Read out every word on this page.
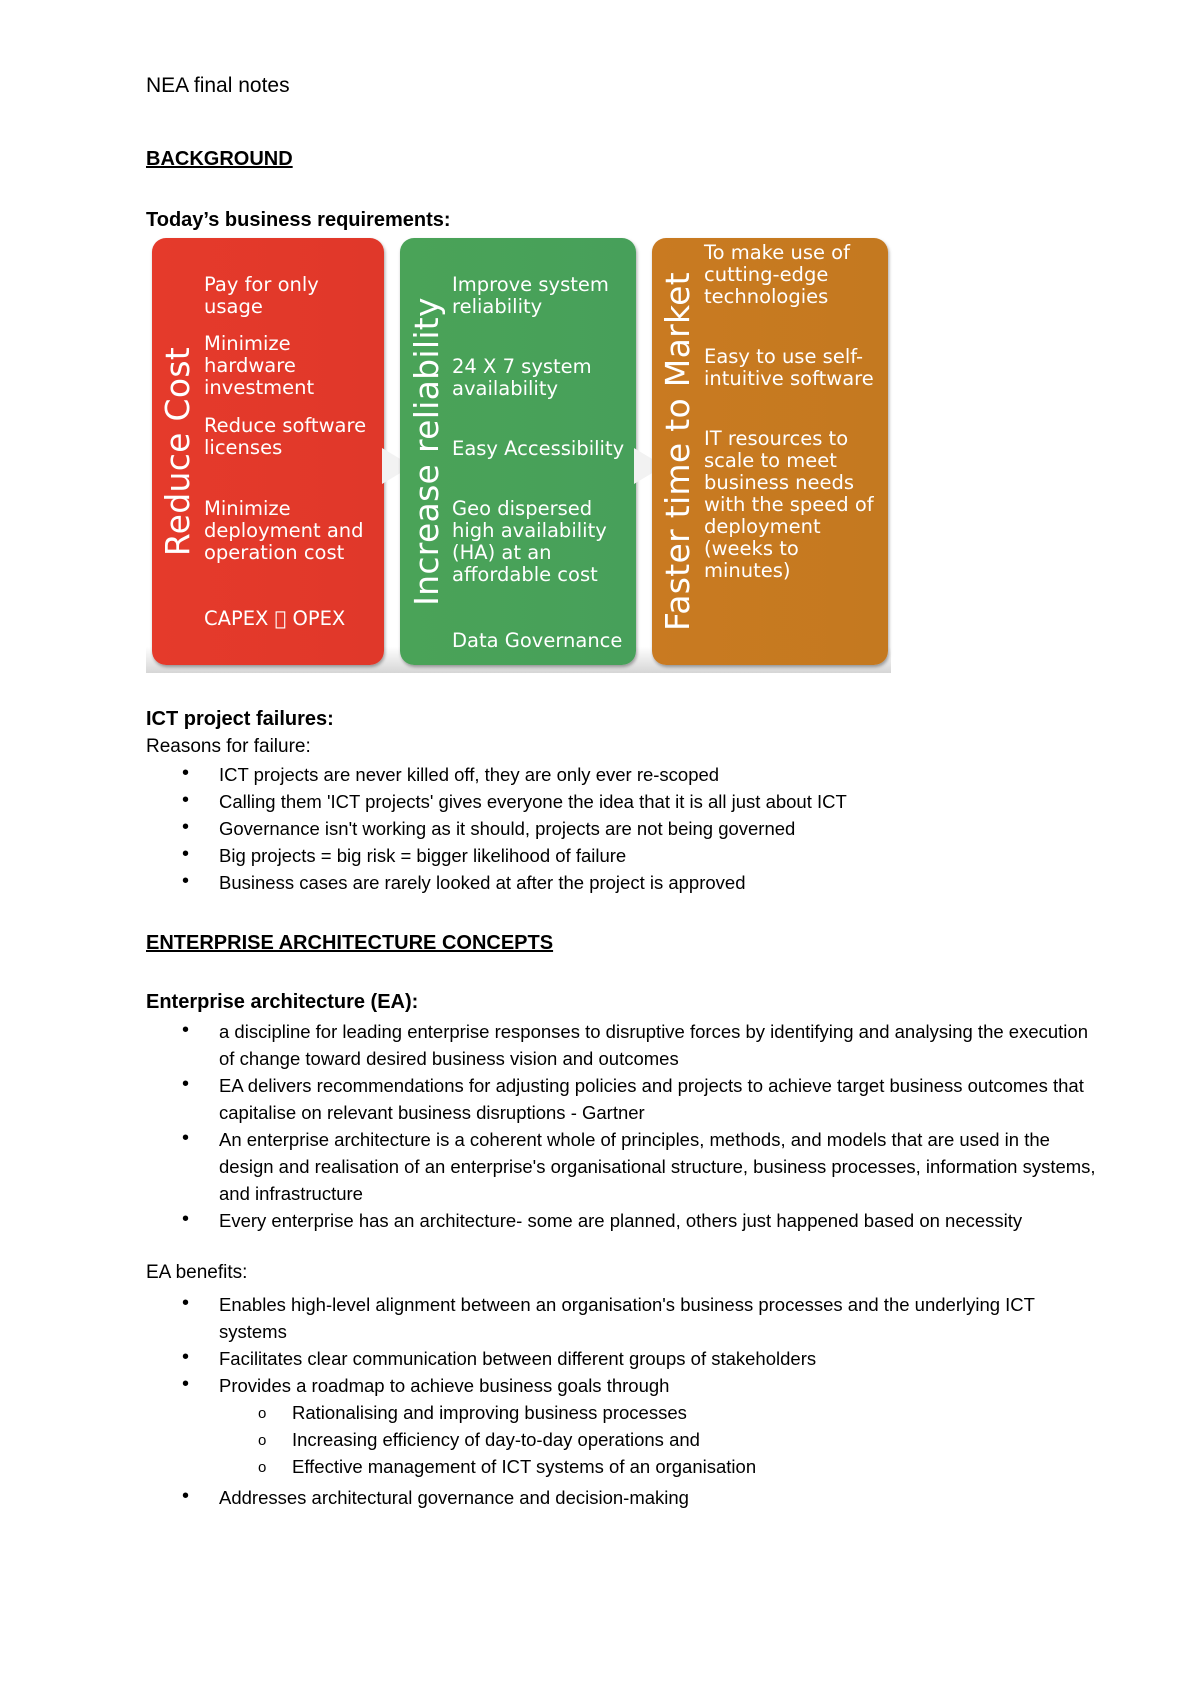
NEA final notes
BACKGROUND
Today’s business requirements:
ICT project failures:
Reasons for failure:
Reduce Cost
Pay for only usage
Minimize hardware investment
Reduce software licenses
Minimize deployment and operation cost
CAPEX OPEX
Increase reliability
Improve system reliability
24 X 7 system availability
Easy Accessibility
Geo dispersed high availability (HA) at an affordable cost
Data Governance
Faster time to Market
To make use of cutting-edge technologies
Easy to use self-intuitive software
IT resources to scale to meet business needs with the speed of deployment (weeks to minutes)
• ICT projects are never killed off, they are only ever re-scoped
• Calling them 'ICT projects' gives everyone the idea that it is all just about ICT
• Governance isn't working as it should, projects are not being governed
• Big projects = big risk = bigger likelihood of failure
• Business cases are rarely looked at after the project is approved
ENTERPRISE ARCHITECTURE CONCEPTS
Enterprise architecture (EA):
• a discipline for leading enterprise responses to disruptive forces by identifying and analysing the execution of change toward desired business vision and outcomes
• EA delivers recommendations for adjusting policies and projects to achieve target business outcomes that capitalise on relevant business disruptions - Gartner
• An enterprise architecture is a coherent whole of principles, methods, and models that are used in the design and realisation of an enterprise's organisational structure, business processes, information systems, and infrastructure
• Every enterprise has an architecture- some are planned, others just happened based on necessity
EA benefits:
• Enables high-level alignment between an organisation's business processes and the underlying ICT systems
• Facilitates clear communication between different groups of stakeholders
• Provides a roadmap to achieve business goals through
o Rationalising and improving business processes
o Increasing efficiency of day-to-day operations and
o Effective management of ICT systems of an organisation
• Addresses architectural governance and decision-making
